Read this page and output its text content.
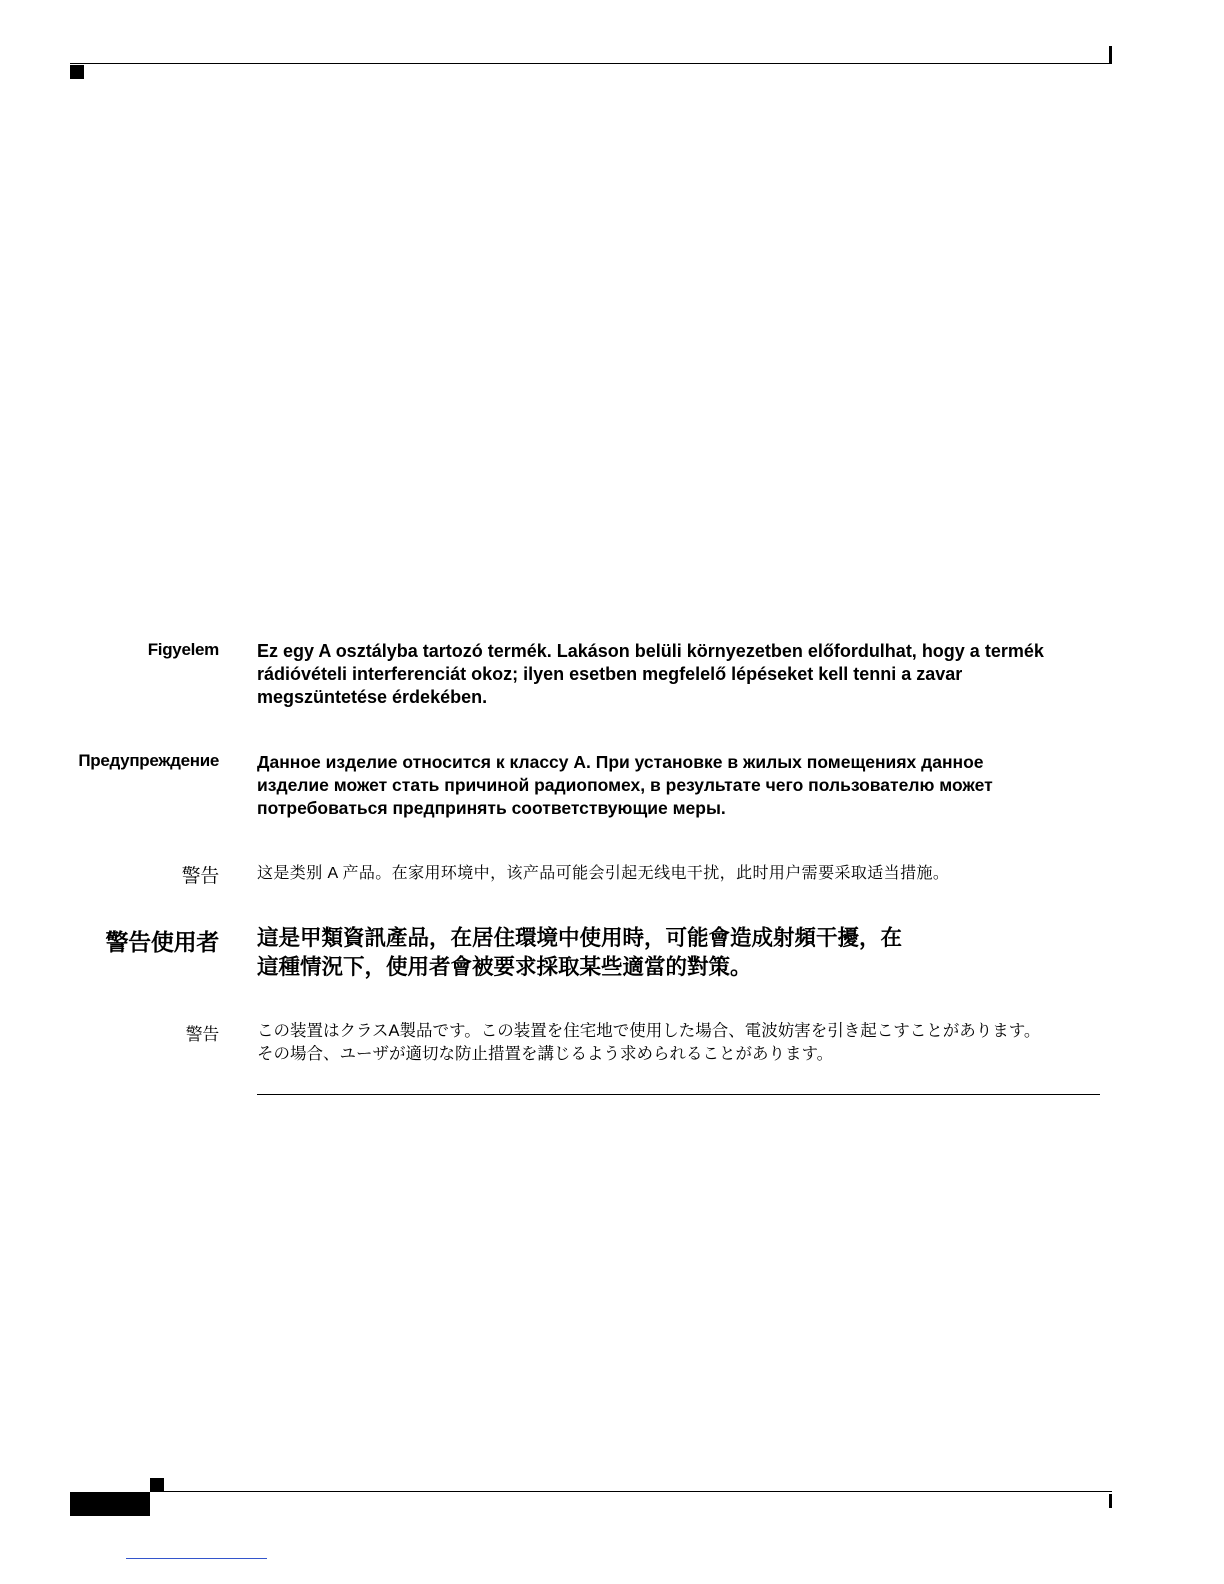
Figyelem Ez egy A osztályba tartozó termék. Lakáson belüli környezetben előfordulhat, hogy a termék
rádióvételi interferenciát okoz; ilyen esetben megfelelő lépéseket kell tenni a zavar
megszüntetése érdekében.
Предупреждение Данное изделие относится к классу А. При установке в жилых помещениях данное
изделие может стать причиной радиопомех, в результате чего пользователю может
потребоваться предпринять соответствующие меры.
警告 这是类别 A 产品。在家用环境中，该产品可能会引起无线电干扰，此时用户需要采取适当措施。
警告使用者 這是甲類資訊產品，在居住環境中使用時，可能會造成射頻干擾，在
這種情況下，使用者會被要求採取某些適當的對策。
警告 この装置はクラスA製品です。この装置を住宅地で使用した場合、電波妨害を引き起こすことがあります。
その場合、ユーザが適切な防止措置を講じるよう求められることがあります。
